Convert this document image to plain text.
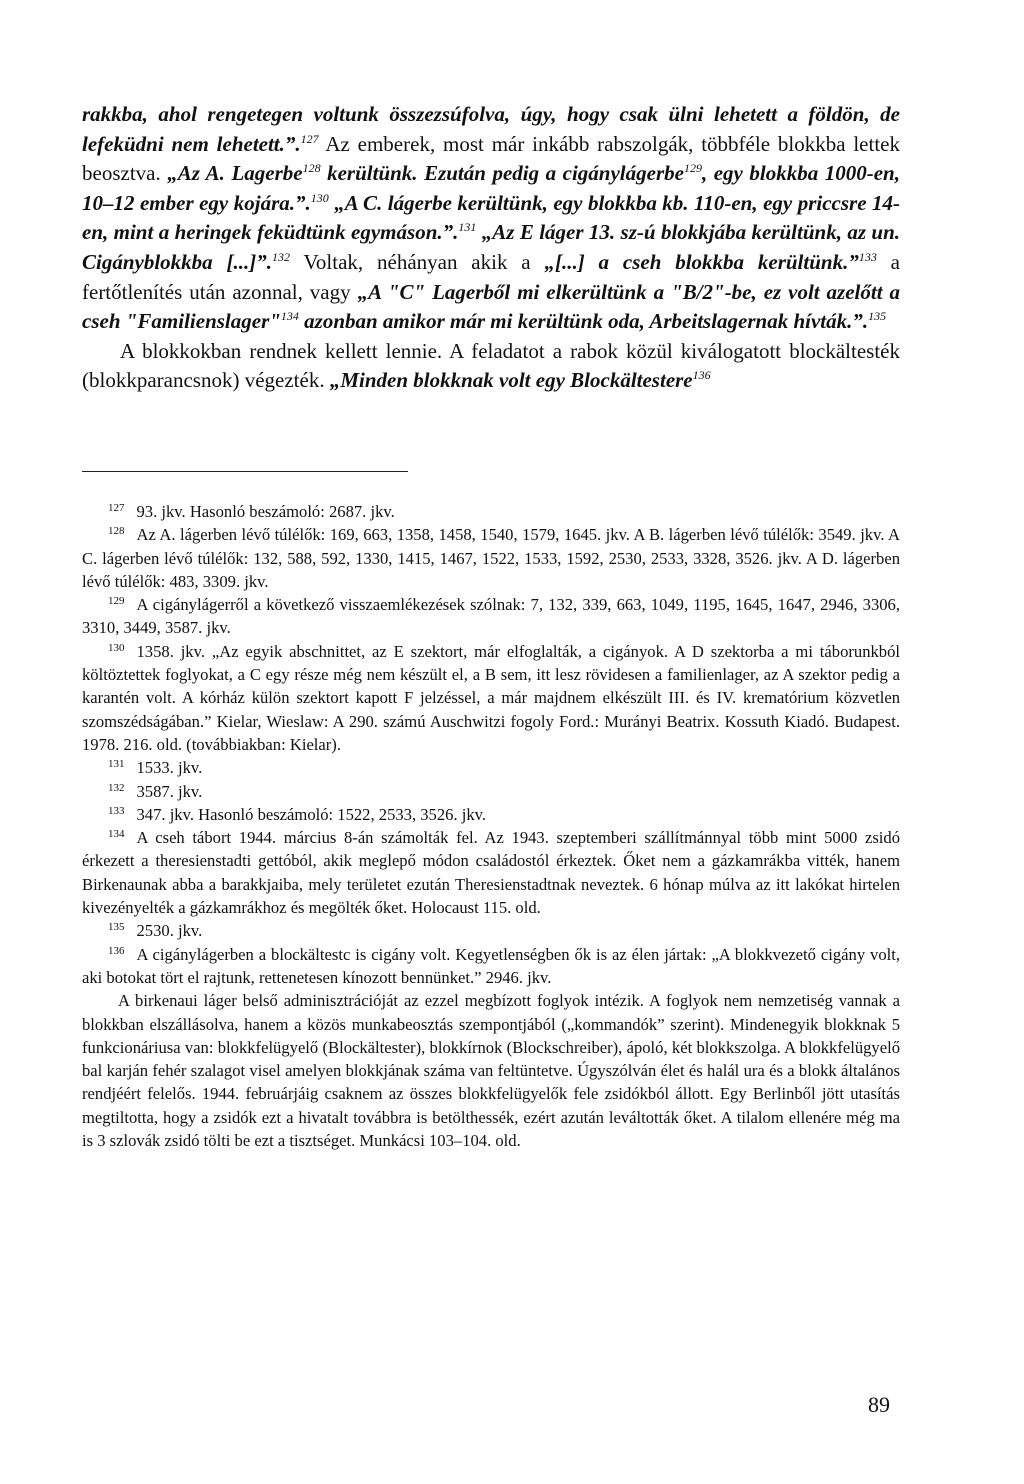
rakkba, ahol rengetegen voltunk összezsúfolva, úgy, hogy csak ülni lehetett a földön, de lefeküdni nem lehetett.”.$^{127}$ Az emberek, most már inkább rabszolgák, többféle blokkba lettek beosztva. „Az A. Lagerbe$^{128}$ kerültünk. Ezután pedig a cigánylágerbe$^{129}$, egy blokkba 1000-en, 10–12 ember egy kojára.”.$^{130}$ „A C. lágerbe kerültünk, egy blokkba kb. 110-en, egy priccsre 14-en, mint a heringek feküdtünk egymáson.”.$^{131}$ „Az E láger 13. sz-ú blokkjába kerültünk, az un. Cigányblokkba [...]”.$^{132}$ Voltak, néhányan akik a „[...] a cseh blokkba kerültünk.”$^{133}$ a fertőtlenítés után azonnal, vagy „A "C" Lagerből mi elkerültünk a "B/2"-be, ez volt azelőtt a cseh "Familienslager"$^{134}$ azonban amikor már mi kerültünk oda, Arbeitslagernak hívták.”.$^{135}$

A blokkokban rendnek kellett lennie. A feladatot a rabok közül kiválogatott blockältesték (blokkparancsnok) végezték. „Minden blokknak volt egy Blockältestere$^{136}$

$^{127}$ 93. jkv. Hasonló beszámoló: 2687. jkv.

$^{128}$ Az A. lágerben lévő túlélők: 169, 663, 1358, 1458, 1540, 1579, 1645. jkv. A B. lágerben lévő túlélők: 3549. jkv. A C. lágerben lévő túlélők: 132, 588, 592, 1330, 1415, 1467, 1522, 1533, 1592, 2530, 2533, 3328, 3526. jkv. A D. lágerben lévő túlélők: 483, 3309. jkv.

$^{129}$ A cigánylágerről a következő visszaemlékezések szólnak: 7, 132, 339, 663, 1049, 1195, 1645, 1647, 2946, 3306, 3310, 3449, 3587. jkv.

$^{130}$ 1358. jkv. „Az egyik abschnittet, az E szektort, már elfoglalták, a cigányok. A D szektorba a mi táborunkból költöztettek foglyokat, a C egy része még nem készült el, a B sem, itt lesz rövidesen a familienlager, az A szektor pedig a karantén volt. A kórház külön szektort kapott F jelzéssel, a már majdnem elkészült III. és IV. krematórium közvetlen szomszédságában.” Kielar, Wieslaw: A 290. számú Auschwitzi fogoly Ford.: Murányi Beatrix. Kossuth Kiadó. Budapest. 1978. 216. old. (továbbiakban: Kielar).

$^{131}$ 1533. jkv.

$^{132}$ 3587. jkv.

$^{133}$ 347. jkv. Hasonló beszámoló: 1522, 2533, 3526. jkv.

$^{134}$ A cseh tábort 1944. március 8-án számolták fel. Az 1943. szeptemberi szállítmánnyal több mint 5000 zsidó érkezett a theresienstadti gettóból, akik meglepő módon családostól érkeztek. Őket nem a gázkamrákba vitték, hanem Birkenaunak abba a barakkjaiba, mely területet ezután Theresienstadtnak neveztek. 6 hónap múlva az itt lakókat hirtelen kivezényelték a gázkamrákhoz és megölték őket. Holocaust 115. old.

$^{135}$ 2530. jkv.

$^{136}$ A cigánylágerben a blockältestc is cigány volt. Kegyetlenségben ők is az élen jártak: „A blokkvezető cigány volt, aki botokat tört el rajtunk, rettenetesen kínozott bennünket.” 2946. jkv.

A birkenaui láger belső adminisztrációját az ezzel megbízott foglyok intézik. A foglyok nem nemzetiség vannak a blokkban elszállásolva, hanem a közös munkabeosztás szempontjából („kommandók” szerint). Mindenegyik blokknak 5 funkcionáriusa van: blokkfelügyelő (Blockältester), blokkírnok (Blockschreiber), ápoló, két blokkszolga. A blokkfelügyelő bal karján fehér szalagot visel amelyen blokkjának száma van feltüntetve. Úgyszólván élet és halál ura és a blokk általános rendjéért felelős. 1944. februárjáig csaknem az összes blokkfelügyelők fele zsidókból állott. Egy Berlinből jött utasítás megtiltotta, hogy a zsidók ezt a hivatalt továbbra is betölthessék, ezért azután leváltották őket. A tilalom ellenére még ma is 3 szlovák zsidó tölti be ezt a tisztséget. Munkácsi 103–104. old.

89
